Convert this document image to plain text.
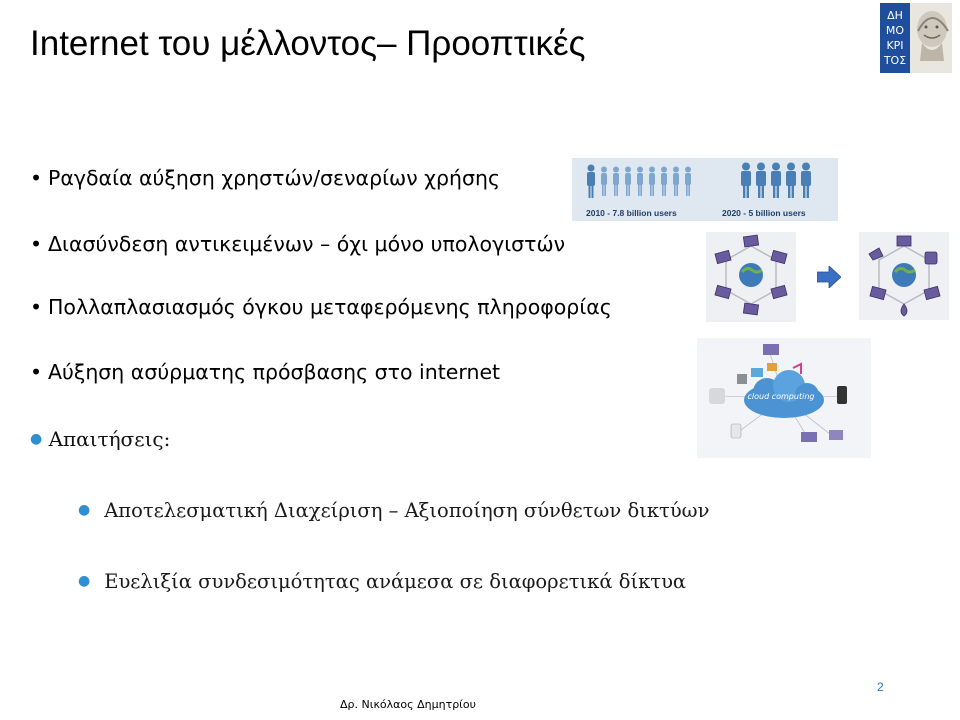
Internet του μέλλοντος– Προοπτικές
ΔΗ
ΜΟ
ΚΡΙ
ΤΟΣ
• Ραγδαία αύξηση χρηστών/σεναρίων χρήσης
• Διασύνδεση αντικειμένων – όχι μόνο υπολογιστών
• Πολλαπλασιασμός όγκου μεταφερόμενης πληροφορίας
• Αύξηση ασύρματης πρόσβασης στο internet
● Απαιτήσεις:
● Αποτελεσματική Διαχείριση – Αξιοποίηση σύνθετων δικτύων
● Ευελιξία συνδεσιμότητας ανάμεσα σε διαφορετικά δίκτυα
2010 - 7.8 billion users	2020 - 5 billion users
cloud computing
2
Δρ. Νικόλαος Δημητρίου
